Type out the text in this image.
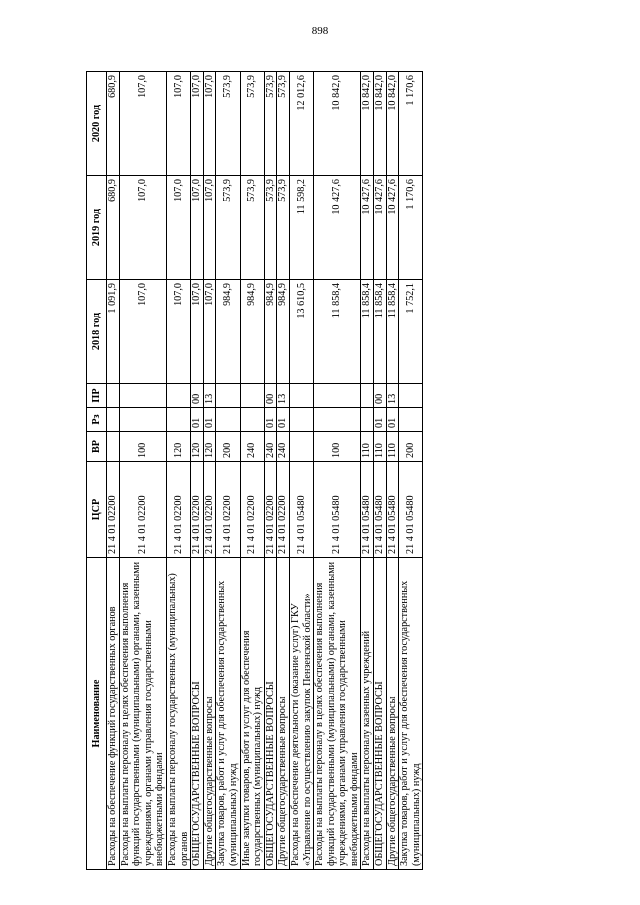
898
Наименование	ЦСР	ВР	Рз	ПР	2018 год	2019 год	2020 год
Расходы на обеспечение функций государственных органов	21 4 01 02200				1 091,9	680,9	680,9
Расходы на выплаты персоналу в целях обеспечения выполнения функций государственными (муниципальными) органами, казенными учреждениями, органами управления государственными внебюджетными фондами	21 4 01 02200	100			107,0	107,0	107,0
Расходы на выплаты персоналу государственных (муниципальных) органов	21 4 01 02200	120			107,0	107,0	107,0
ОБЩЕГОСУДАРСТВЕННЫЕ ВОПРОСЫ	21 4 01 02200	120	01	00	107,0	107,0	107,0
Другие общегосударственные вопросы	21 4 01 02200	120	01	13	107,0	107,0	107,0
Закупка товаров, работ и услуг для обеспечения государственных (муниципальных) нужд	21 4 01 02200	200			984,9	573,9	573,9
Иные закупки товаров, работ и услуг для обеспечения государственных (муниципальных) нужд	21 4 01 02200	240			984,9	573,9	573,9
ОБЩЕГОСУДАРСТВЕННЫЕ ВОПРОСЫ	21 4 01 02200	240	01	00	984,9	573,9	573,9
Другие общегосударственные вопросы	21 4 01 02200	240	01	13	984,9	573,9	573,9
Расходы на обеспечение деятельности (оказание услуг) ГКУ «Управление по осуществлению закупок Пензенской области»	21 4 01 05480				13 610,5	11 598,2	12 012,6
Расходы на выплаты персоналу в целях обеспечения выполнения функций государственными (муниципальными) органами, казенными учреждениями, органами управления государственными внебюджетными фондами	21 4 01 05480	100			11 858,4	10 427,6	10 842,0
Расходы на выплаты персоналу казенных учреждений	21 4 01 05480	110			11 858,4	10 427,6	10 842,0
ОБЩЕГОСУДАРСТВЕННЫЕ ВОПРОСЫ	21 4 01 05480	110	01	00	11 858,4	10 427,6	10 842,0
Другие общегосударственные вопросы	21 4 01 05480	110	01	13	11 858,4	10 427,6	10 842,0
Закупка товаров, работ и услуг для обеспечения государственных (муниципальных) нужд	21 4 01 05480	200			1 752,1	1 170,6	1 170,6
